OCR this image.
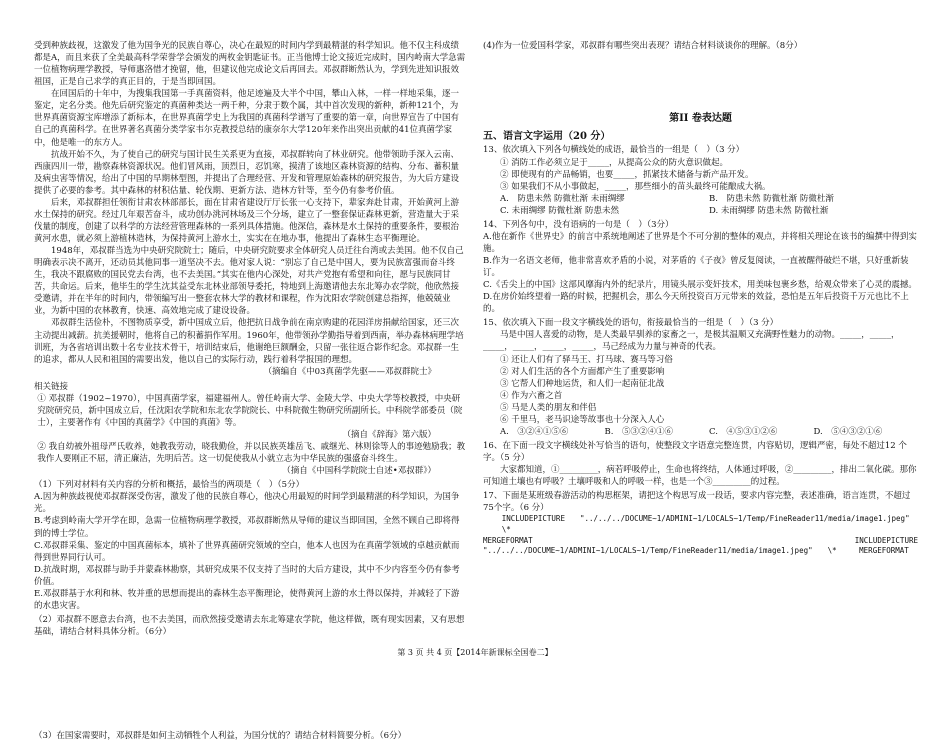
受到种族歧视，这激发了他为国争光的民族自尊心，决心在最短的时间内学到最精湛的科学知识。他不仅主科成绩都是A，而且来获了全美最高科学荣誉学会颁发的两枚金钥匙证书。正当他博士论文接近完成时，国内岭南大学急需一位植物病理学教授，导师惠洛惜才挽留，他，但建议他完成论文后再回去。邓叔群断然认为，学到先进知识报效祖国，正是自己求学的真正目的，于是当即回国。

在回国后的十年中，为搜集我国第一手真菌资料，他足迹遍及大半个中国，攀山入林，一样一样地采集，逐一鉴定，定名分类。他先后研究鉴定的真菌种类达一两千种，分隶于数个属，其中首次发现的新种，新种121个，为世界真菌资源宝库增添了新标本，在世界真菌学史上为我国的真菌科学谱写了重要的第一章，向世界宣告了中国有自己的真菌科学。在世界著名真菌分类学家韦尔克教授总结的康奈尔大学120年来作出突出贡献的41位真菌学家中，他是唯一的东方人。

抗战开始不久，为了使自己的研究与国计民生关系更为直接，邓叔群转向了林业研究。他带领助手深入云南、西康四川一带，勘察森林资源状况。他们冒风雨，顶烈日，忍饥寒，摸清了该地区森林资源的结构、分布、蓄积量及病虫害等情况，给出了中国的早期林型图，并提出了合理经营、开发和管理原始森林的研究报告，为大后方建设提供了必要的参考。其中森林的材积估量、轮伐期、更新方法、造林方针等，至今仍有参考价值。

后来，邓叔群担任领衔甘肃农林部部长，面在甘肃省建设厅厅长张一心支持下，辈家奔赴甘肃，开始黄河上游水土保持的研究。经过几年艰苦奋斗，成功创办洮河林场及三个分场，建立了一整套保证森林更新，营造量大于采伐量的制度，创建了以科学的方法经营管理森林的一系列具体措施。他深信，森林是水土保持的重要条件，要根治黄河水患，就必须上游植林造林，为保持黄河上游水土，实实在在地办事，他提出了森林生态平衡理论。

1948年，邓叔群当选为中央研究院院士；随后，中央研究院要求全体研究人员迁往台湾或去美国。他不仅自己明确表示决不离开，还动员其他同事一道坚决不去。他对家人说：“别忘了自己是中国人，要为民族富强而奋斗终生，我决不跟腐败的国民党去台湾，也不去美国。”其实在他内心深处，对共产党抱有希望和向往，愿与民族同甘苦，共命运。后来，他毕生的学生沈其益受东北林业部领导委托，特地到上海邀请他去东北筹办农学院，他欣然接受邀请，并在半年的时间内，带领编写出一整套农林大学的教材和课程，作为沈阳农学院创建总指挥，他兢兢业业，为新中国的农林教育，快速、高效地完成了建设设备。

邓叔群生活俭朴，不图物质享受，新中国成立后，他把抗日战争前在南京购建的花园洋房捐献给国家，还三次主动提出减薪。抗美援朝时，他将自己的积蓄捐作军用。1960年，他带领孙学勤指导着到西南，举办森林病理学培训班，为各省培训出数十名专业技术骨干，培训结束后，他谢绝巨额酬金，只留一张往返合影作纪念。邓叔群一生的追求，都从人民和祖国的需要出发，他以自己的实际行动，践行着科学报国的理想。

（摘编自《中03真菌学先驱——邓叔群院士》

相关链接

① 邓叔群（1902~1970），中国真菌学家，福建福州人。曾任岭南大学、金陵大学、中央大学等校教授，中央研究院研究员，新中国成立后，任沈阳农学院和东北农学院院长、中科院微生物研究所副所长。中科院学部委员（院士），主要著作有《中国的真菌学》《中国的真菌》等。

（摘自《辞海》第六版）

② 我自幼被外祖母严氏收养，她教我劳动，晓我勤俭，并以民族英雄岳飞、戚继光、林则徐等人的事迹勉励我；教我作人要刚正不屈，清正廉洁，先明后苦。这一切促使我从小就立志为中华民族的强盛奋斗终生。

（摘自《中国科学院院士自述•邓叔群》）

（1）下列对材料有关内容的分析和概括，最恰当的两项是（　）（5分）

A.因为种族歧视使邓叔群深受伤害，激发了他的民族自尊心，他决心用最短的时间学到最精湛的科学知识，为国争光。

B.考虑到岭南大学开学在即，急需一位植物病理学教授，邓叔群断然从导师的建议当即回国，全然不顾自己即将得到的博士学位。

C.邓叔群采集、鉴定的中国真菌标本，填补了世界真菌研究领域的空白，他本人也因为在真菌学领域的卓越贡献而得到世界同行认可。

D.抗战时期，邓叔群与助手并蒙森林勘察，其研究成果不仅支持了当时的大后方建设，其中不少内容至今仍有参考价值。

E.邓叔群基于水利和林、牧并重的思想而提出的森林生态平衡理论，使得黄河上游的水土得以保持，并减轻了下游的水患灾害。

（2）邓叔群不愿意去台湾，也不去美国，而欣然接受邀请去东北筹建农学院，他这样做，既有现实因素，又有思想基础，请结合材料具体分析。（6分）

（3）在国家需要时，邓叔群是如何主动牺牲个人利益，为国分忧的？请结合材料简要分析。（6分）

(4)作为一位爱国科学家，邓叔群有哪些突出表现？请结合材料谈谈你的理解。（8分）

第II 卷表达题

五、语言文字运用（20 分）

13、依次填入下列各句横线处的成语，最恰当的一组是（　）（3 分）

① 消防工作必须立足于_____，从提高公众的防火意识做起。

② 即使现有的产品畅销，也要_____，抓紧技术储备与新产品开发。

③ 如果我们不从小事做起，_____，那些细小的苗头最终可能酿成大祸。

A.　防患未然 防微杜渐 未雨绸缪	B.　防患未然 防微杜渐 防微杜渐
C. 未雨绸缪 防微杜渐 防患未然	D. 未雨绸缪 防患未然 防微杜渐

14、下列各句中，没有语病的一句是（　）（3分）

A.他在新作《世界史》的前言中系统地阐述了世界是个不可分割的整体的观点，并将相关理论在该书的编撰中得到实施。

B.作为一名语文老师，他非常喜欢矛盾的小说，对茅盾的《子夜》曾反复阅读，一直被醒得破烂不堪，只好重新装订。

C.《舌尖上的中国》这部风靡海内外的纪录片，用镜头展示变奸技术，用美味包裹乡愁，给观众带来了心灵的震撼。

D.在房价始终望着一路的时候，把握机会，那么今天所投资百万元带来的效益，恐怕是五年后投资千万元也比不上的。

15、依次填入下面一段文字横线处的语句，衔接最恰当的一组是（　）（3 分）

马是中国人喜爱的动物，是人类最早驯养的家畜之一，是极其温顺又充满野性魅力的动物。_____，_____，_____，_____，_____，_____，马己经成为力量与神奇的代表。

① 还让人们有了驿马王、打马球、赛马等习俗

② 对人们生活的各个方面都产生了重要影响

③ 它帮人们种地运货，和人们一起南征北战

④ 作为六畜之首

⑤ 马是人类的朋友和伴侣

⑥ 千里马，老马识途等故事也十分深入人心

A.　③②④①⑤⑥	B.　⑤③②④①⑥	C.　④⑤③①②⑥	D.　⑤④③②①⑥

16、在下面一段文字横线处补写恰当的语句，使整段文字语意完整连贯，内容贴切，逻辑严密，每处不超过12 个字。（5 分）

大家都知道，①_________，病若呼吸停止，生命也将终结，人体通过呼吸，②_________，排出二氧化碳。那你可知道土壤也有呼吸？土壤呼吸和人的呼吸一样，也是一个③_________的过程。

17、下面是某班级春游活动的构思框架，请把这个构思写成一段话，要求内容完整，表述准确，语言连贯，不超过 75个字。（6 分）

INCLUDEPICTURE　　"../../../DOCUME~1/ADMINI~1/LOCALS~1/Temp/FineReader11/media/image1.jpeg"　　\*

MERGEFORMAT	INCLUDEPICTURE

"../../../DOCUME~1/ADMINI~1/LOCALS~1/Temp/FineReader11/media/image1.jpeg"　　\*　　　MERGEFORMAT

第 3 页 共 4 页【2014年新课标全国卷二】
